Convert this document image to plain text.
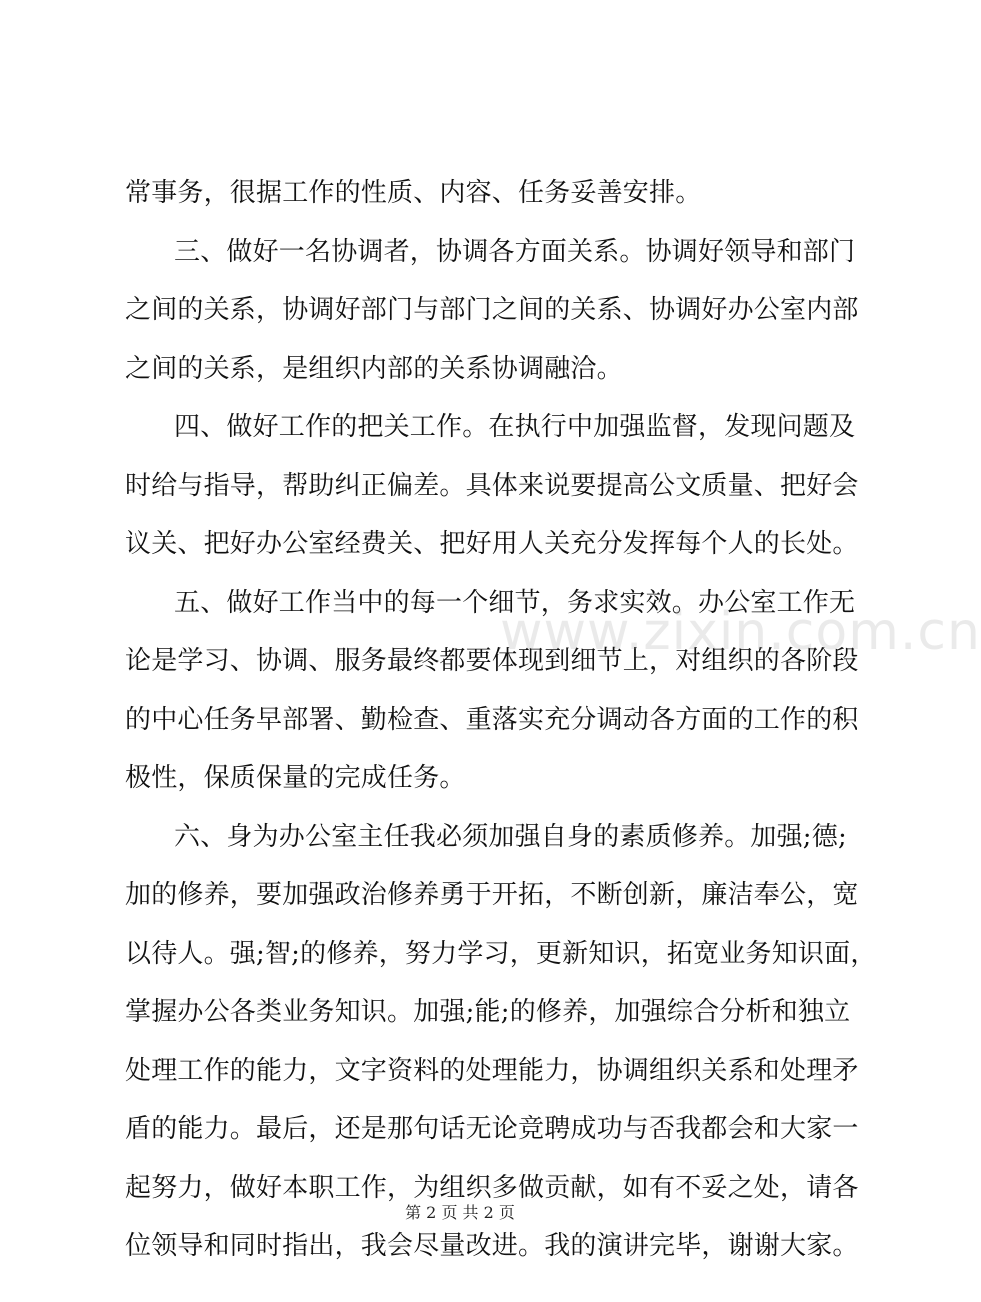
常事务，很据工作的性质、内容、任务妥善安排。
三、做好一名协调者，协调各方面关系。协调好领导和部门
之间的关系，协调好部门与部门之间的关系、协调好办公室内部
之间的关系，是组织内部的关系协调融洽。
四、做好工作的把关工作。在执行中加强监督，发现问题及
时给与指导，帮助纠正偏差。具体来说要提高公文质量、把好会
议关、把好办公室经费关、把好用人关充分发挥每个人的长处。
五、做好工作当中的每一个细节，务求实效。办公室工作无
论是学习、协调、服务最终都要体现到细节上，对组织的各阶段
的中心任务早部署、勤检查、重落实充分调动各方面的工作的积
极性，保质保量的完成任务。
六、身为办公室主任我必须加强自身的素质修养。加强;德;
加的修养，要加强政治修养勇于开拓，不断创新，廉洁奉公，宽
以待人。强;智;的修养，努力学习，更新知识，拓宽业务知识面，
掌握办公各类业务知识。加强;能;的修养，加强综合分析和独立
处理工作的能力，文字资料的处理能力，协调组织关系和处理矛
盾的能力。最后，还是那句话无论竞聘成功与否我都会和大家一
起努力，做好本职工作，为组织多做贡献，如有不妥之处，请各
位领导和同时指出，我会尽量改进。我的演讲完毕，谢谢大家。
www.zixin.com.cn
第 2 页 共 2 页
